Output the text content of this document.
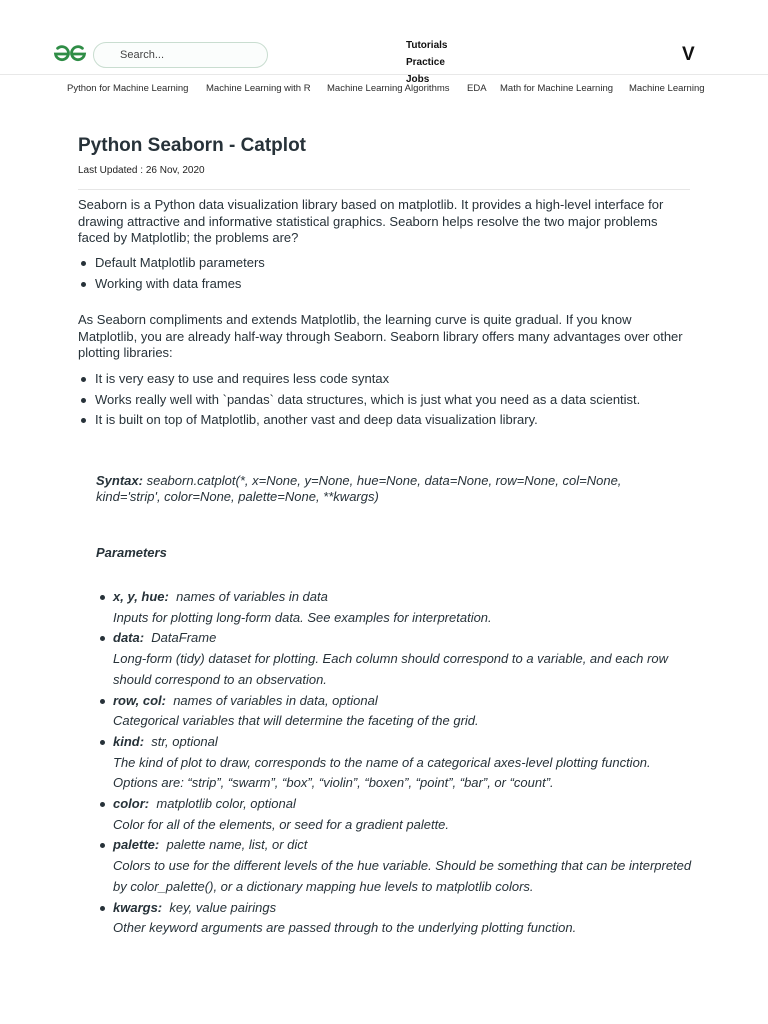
Search...
Tutorials
Practice
Jobs
V
Python for Machine Learning Machine Learning with R Machine Learning Algorithms EDA Math for Machine Learning Machine Learning
Python Seaborn - Catplot
Last Updated : 26 Nov, 2020
Seaborn is a Python data visualization library based on matplotlib. It provides a high-level interface for drawing attractive and informative statistical graphics. Seaborn helps resolve the two major problems faced by Matplotlib; the problems are?
Default Matplotlib parameters
Working with data frames
As Seaborn compliments and extends Matplotlib, the learning curve is quite gradual. If you know Matplotlib, you are already half-way through Seaborn. Seaborn library offers many advantages over other plotting libraries:
It is very easy to use and requires less code syntax
Works really well with `pandas` data structures, which is just what you need as a data scientist.
It is built on top of Matplotlib, another vast and deep data visualization library.
Syntax: seaborn.catplot(*, x=None, y=None, hue=None, data=None, row=None, col=None, kind='strip', color=None, palette=None, **kwargs)
Parameters
x, y, hue: names of variables in data
Inputs for plotting long-form data. See examples for interpretation.
data: DataFrame
Long-form (tidy) dataset for plotting. Each column should correspond to a variable, and each row should correspond to an observation.
row, col: names of variables in data, optional
Categorical variables that will determine the faceting of the grid.
kind: str, optional
The kind of plot to draw, corresponds to the name of a categorical axes-level plotting function. Options are: “strip”, “swarm”, “box”, “violin”, “boxen”, “point”, “bar”, or “count”.
color: matplotlib color, optional
Color for all of the elements, or seed for a gradient palette.
palette: palette name, list, or dict
Colors to use for the different levels of the hue variable. Should be something that can be interpreted by color_palette(), or a dictionary mapping hue levels to matplotlib colors.
kwargs: key, value pairings
Other keyword arguments are passed through to the underlying plotting function.
